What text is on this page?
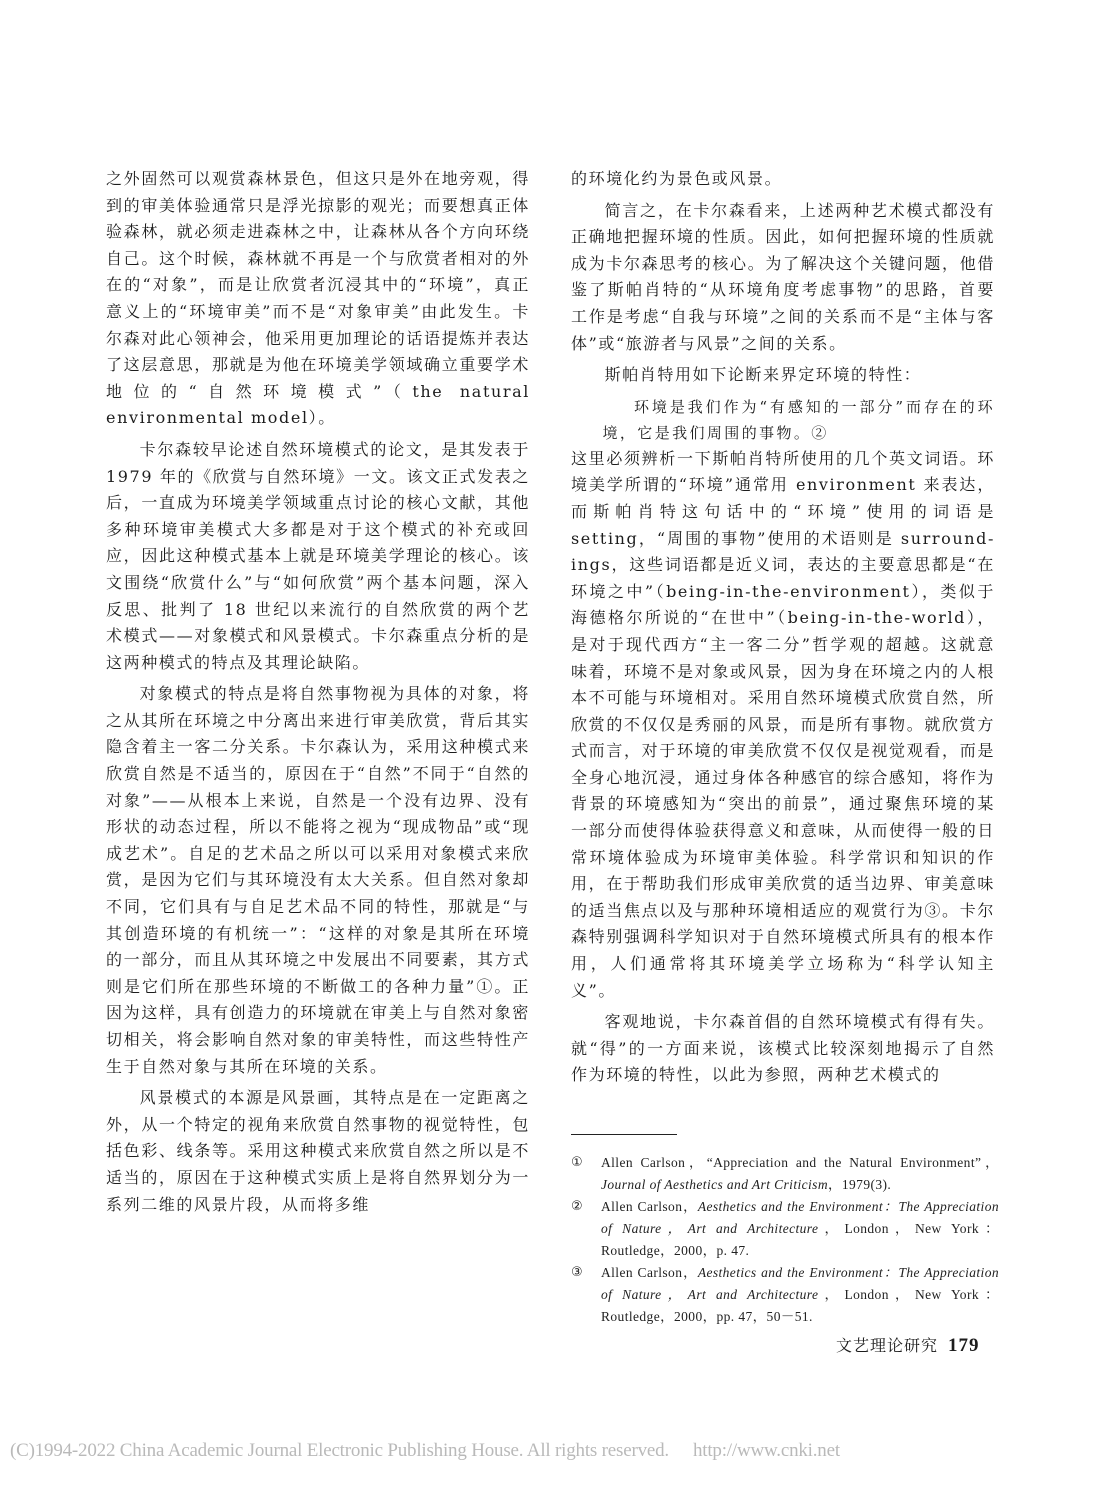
之外固然可以观赏森林景色，但这只是外在地旁观，得到的审美体验通常只是浮光掠影的观光；而要想真正体验森林，就必须走进森林之中，让森林从各个方向环绕自己。这个时候，森林就不再是一个与欣赏者相对的外在的“对象”，而是让欣赏者沉浸其中的“环境”，真正意义上的“环境审美”而不是“对象审美”由此发生。卡尔森对此心领神会，他采用更加理论的话语提炼并表达了这层意思，那就是为他在环境美学领域确立重要学术地位的“自然环境模式”（the natural environmental model）。

卡尔森较早论述自然环境模式的论文，是其发表于 1979 年的《欣赏与自然环境》一文。该文正式发表之后，一直成为环境美学领域重点讨论的核心文献，其他多种环境审美模式大多都是对于这个模式的补充或回应，因此这种模式基本上就是环境美学理论的核心。该文围绕“欣赏什么”与“如何欣赏”两个基本问题，深入反思、批判了 18 世纪以来流行的自然欣赏的两个艺术模式——对象模式和风景模式。卡尔森重点分析的是这两种模式的特点及其理论缺陷。

对象模式的特点是将自然事物视为具体的对象，将之从其所在环境之中分离出来进行审美欣赏，背后其实隐含着主一客二分关系。卡尔森认为，采用这种模式来欣赏自然是不适当的，原因在于“自然”不同于“自然的对象”——从根本上来说，自然是一个没有边界、没有形状的动态过程，所以不能将之视为“现成物品”或“现成艺术”。自足的艺术品之所以可以采用对象模式来欣赏，是因为它们与其环境没有太大关系。但自然对象却不同，它们具有与自足艺术品不同的特性，那就是“与其创造环境的有机统一”：“这样的对象是其所在环境的一部分，而且从其环境之中发展出不同要素，其方式则是它们所在那些环境的不断做工的各种力量”①。正因为这样，具有创造力的环境就在审美上与自然对象密切相关，将会影响自然对象的审美特性，而这些特性产生于自然对象与其所在环境的关系。

风景模式的本源是风景画，其特点是在一定距离之外，从一个特定的视角来欣赏自然事物的视觉特性，包括色彩、线条等。采用这种模式来欣赏自然之所以是不适当的，原因在于这种模式实质上是将自然界划分为一系列二维的风景片段，从而将多维

的环境化约为景色或风景。

简言之，在卡尔森看来，上述两种艺术模式都没有正确地把握环境的性质。因此，如何把握环境的性质就成为卡尔森思考的核心。为了解决这个关键问题，他借鉴了斯帕肖特的“从环境角度考虑事物”的思路，首要工作是考虑“自我与环境”之间的关系而不是“主体与客体”或“旅游者与风景”之间的关系。

斯帕肖特用如下论断来界定环境的特性：

环境是我们作为“有感知的一部分”而存在的环境，它是我们周围的事物。②

这里必须辨析一下斯帕肖特所使用的几个英文词语。环境美学所谓的“环境”通常用 environment 来表达，而斯帕肖特这句话中的“环境”使用的词语是 setting，“周围的事物”使用的术语则是 surround-ings，这些词语都是近义词，表达的主要意思都是“在环境之中”（being-in-the-environment），类似于海德格尔所说的“在世中”（being-in-the-world），是对于现代西方“主一客二分”哲学观的超越。这就意味着，环境不是对象或风景，因为身在环境之内的人根本不可能与环境相对。采用自然环境模式欣赏自然，所欣赏的不仅仅是秀丽的风景，而是所有事物。就欣赏方式而言，对于环境的审美欣赏不仅仅是视觉观看，而是全身心地沉浸，通过身体各种感官的综合感知，将作为背景的环境感知为“突出的前景”，通过聚焦环境的某一部分而使得体验获得意义和意味，从而使得一般的日常环境体验成为环境审美体验。科学常识和知识的作用，在于帮助我们形成审美欣赏的适当边界、审美意味的适当焦点以及与那种环境相适应的观赏行为③。卡尔森特别强调科学知识对于自然环境模式所具有的根本作用，人们通常将其环境美学立场称为“科学认知主义”。

客观地说，卡尔森首倡的自然环境模式有得有失。就“得”的一方面来说，该模式比较深刻地揭示了自然作为环境的特性，以此为参照，两种艺术模式的

①	Allen Carlson，“Appreciation and the Natural Environment”，Journal of Aesthetics and Art Criticism，1979(3).
②	Allen Carlson，Aesthetics and the Environment：The Appreciation of Nature，Art and Architecture，London，New York：Routledge，2000，p. 47.
③	Allen Carlson，Aesthetics and the Environment：The Appreciation of Nature，Art and Architecture，London，New York：Routledge，2000，pp. 47，50－51.
文艺理论研究 179
(C)1994-2022 China Academic Journal Electronic Publishing House. All rights reserved. http://www.cnki.net
